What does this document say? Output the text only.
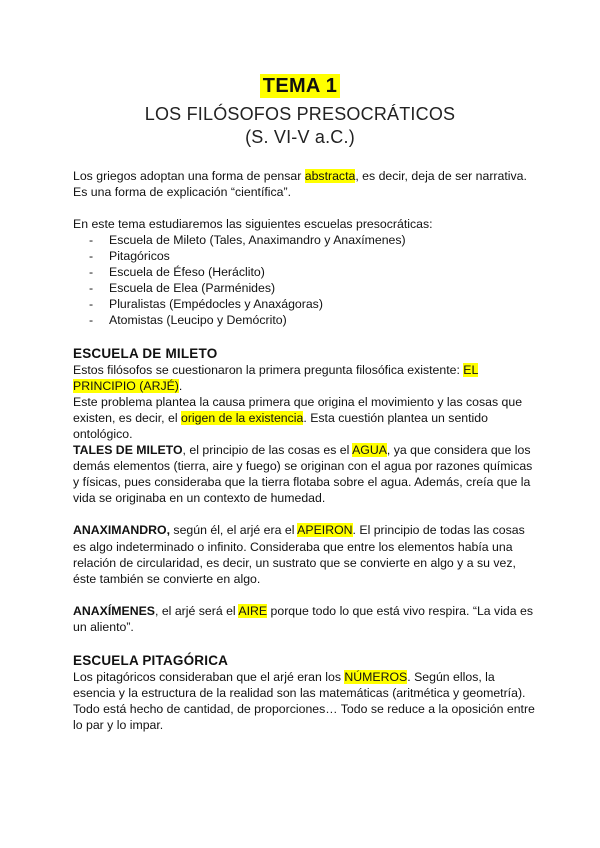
TEMA 1
LOS FILÓSOFOS PRESOCRÁTICOS
(S. VI-V a.C.)
Los griegos adoptan una forma de pensar abstracta, es decir, deja de ser narrativa.
Es una forma de explicación “científica”.
En este tema estudiaremos las siguientes escuelas presocráticas:
- Escuela de Mileto (Tales, Anaximandro y Anaxímenes)
- Pitagóricos
- Escuela de Éfeso (Heráclito)
- Escuela de Elea (Parménides)
- Pluralistas (Empédocles y Anaxágoras)
- Atomistas (Leucipo y Demócrito)
ESCUELA DE MILETO
Estos filósofos se cuestionaron la primera pregunta filosófica existente: EL
PRINCIPIO (ARJÉ).
Este problema plantea la causa primera que origina el movimiento y las cosas que
existen, es decir, el origen de la existencia. Esta cuestión plantea un sentido
ontológico.
TALES DE MILETO, el principio de las cosas es el AGUA, ya que considera que los
demás elementos (tierra, aire y fuego) se originan con el agua por razones químicas
y físicas, pues consideraba que la tierra flotaba sobre el agua. Además, creía que la
vida se originaba en un contexto de humedad.
ANAXIMANDRO, según él, el arjé era el APEIRON. El principio de todas las cosas
es algo indeterminado o infinito. Consideraba que entre los elementos había una
relación de circularidad, es decir, un sustrato que se convierte en algo y a su vez,
éste también se convierte en algo.
ANAXÍMENES, el arjé será el AIRE porque todo lo que está vivo respira. “La vida es
un aliento”.
ESCUELA PITAGÓRICA
Los pitagóricos consideraban que el arjé eran los NÚMEROS. Según ellos, la
esencia y la estructura de la realidad son las matemáticas (aritmética y geometría).
Todo está hecho de cantidad, de proporciones… Todo se reduce a la oposición entre
lo par y lo impar.
